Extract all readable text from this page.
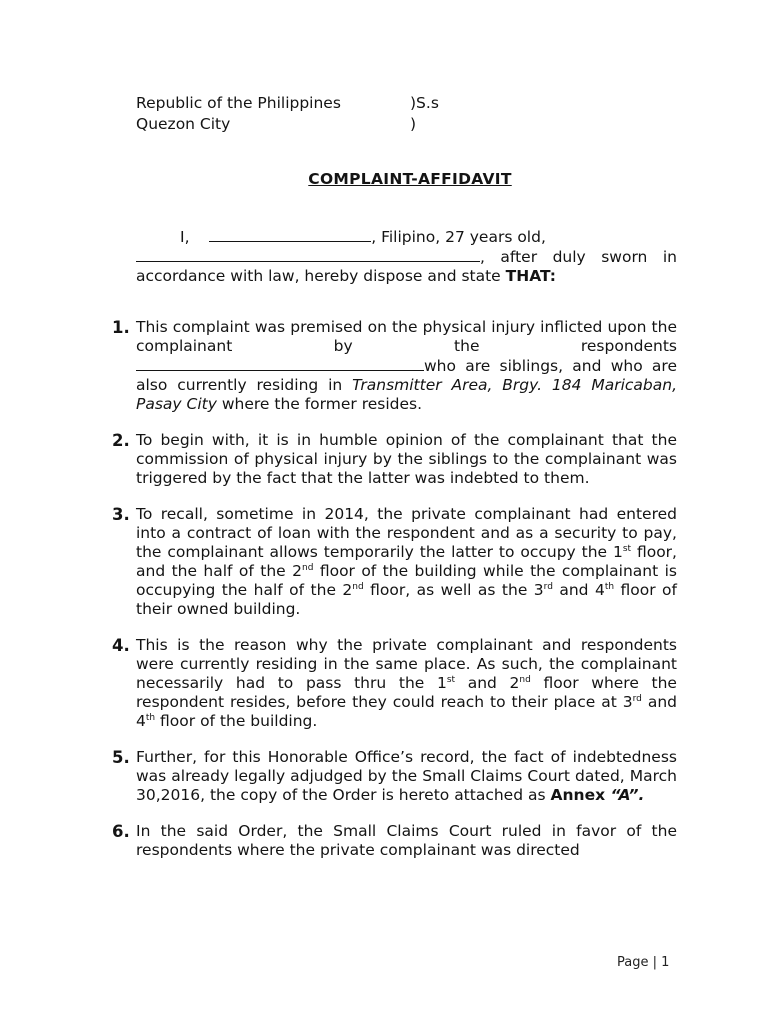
Republic of the Philippines	)S.s
Quezon City	)
COMPLAINT-AFFIDAVIT
I,	, Filipino, 27 years old,
, after duly sworn in accordance with law, hereby dispose and state THAT:
1. This complaint was premised on the physical injury inflicted upon the complainant by the respondents who are siblings, and who are also currently residing in Transmitter Area, Brgy. 184 Maricaban, Pasay City where the former resides.
2. To begin with, it is in humble opinion of the complainant that the commission of physical injury by the siblings to the complainant was triggered by the fact that the latter was indebted to them.
3. To recall, sometime in 2014, the private complainant had entered into a contract of loan with the respondent and as a security to pay, the complainant allows temporarily the latter to occupy the 1st floor, and the half of the 2nd floor of the building while the complainant is occupying the half of the 2nd floor, as well as the 3rd and 4th floor of their owned building.
4. This is the reason why the private complainant and respondents were currently residing in the same place. As such, the complainant necessarily had to pass thru the 1st and 2nd floor where the respondent resides, before they could reach to their place at 3rd and 4th floor of the building.
5. Further, for this Honorable Office’s record, the fact of indebtedness was already legally adjudged by the Small Claims Court dated, March 30,2016, the copy of the Order is hereto attached as Annex “A”.
6. In the said Order, the Small Claims Court ruled in favor of the respondents where the private complainant was directed
Page | 1
